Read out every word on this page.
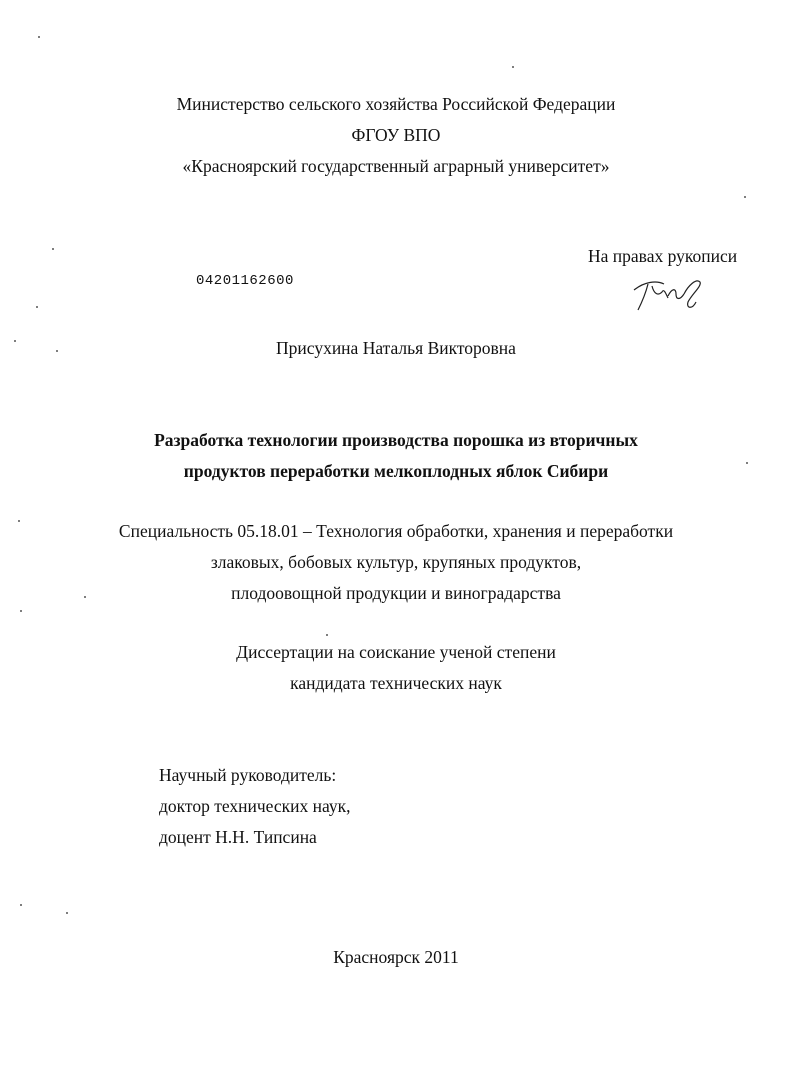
Министерство сельского хозяйства Российской Федерации
ФГОУ ВПО
«Красноярский государственный аграрный университет»
На правах рукописи
04201162600
Присухина Наталья Викторовна
Разработка технологии производства порошка из вторичных
продуктов переработки мелкоплодных яблок Сибири
Специальность 05.18.01 – Технология обработки, хранения и переработки
злаковых, бобовых культур, крупяных продуктов,
плодоовощной продукции и виноградарства
Диссертации на соискание ученой степени
кандидата технических наук
Научный руководитель:
доктор технических наук,
доцент Н.Н. Типсина
Красноярск 2011
